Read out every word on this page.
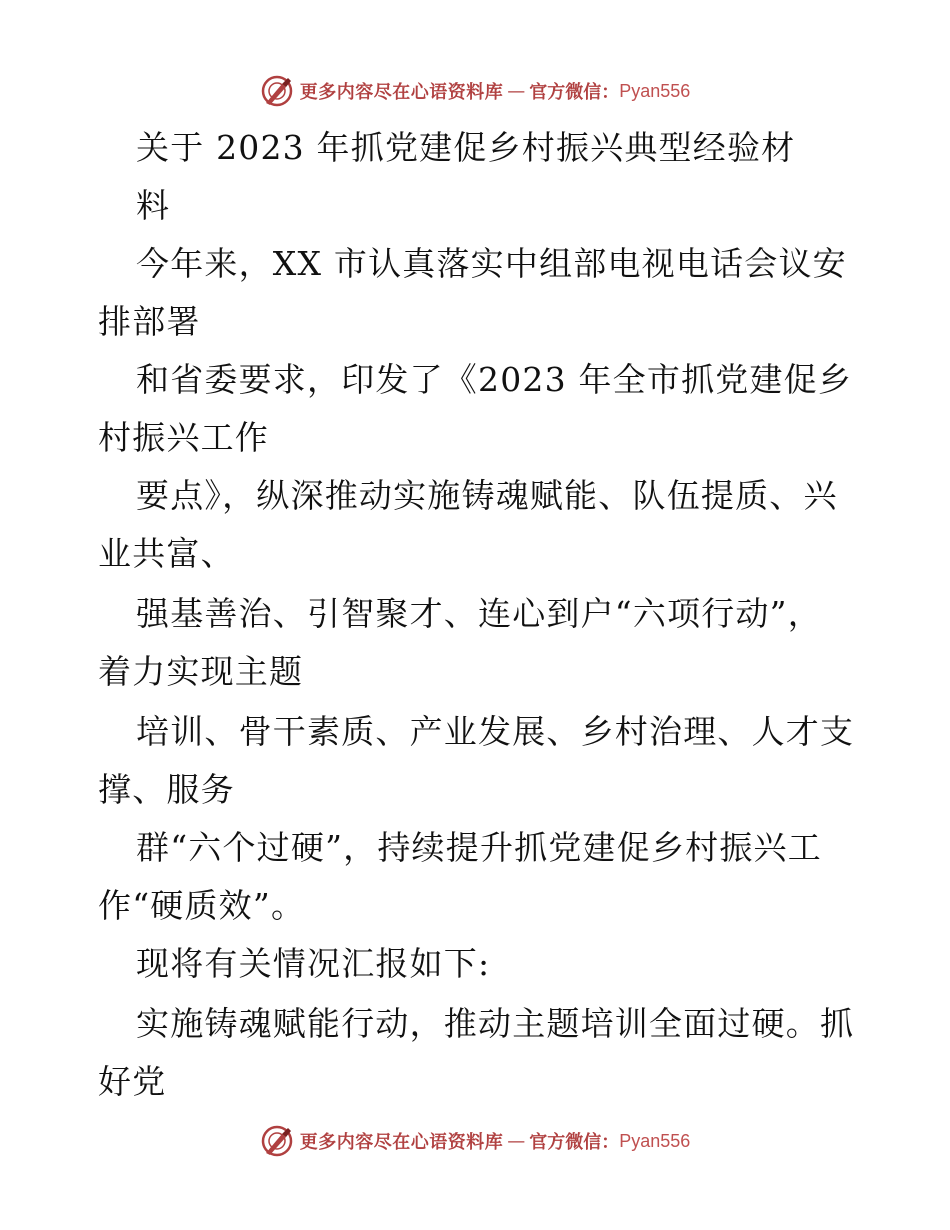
更多内容尽在心语资料库 — 官方微信： Pyan556
关于 2023 年抓党建促乡村振兴典型经验材
料
今年来，XX 市认真落实中组部电视电话会议安
排部署
和省委要求，印发了《2023 年全市抓党建促乡
村振兴工作
要点》，纵深推动实施铸魂赋能、队伍提质、兴
业共富、
强基善治、引智聚才、连心到户“六项行动”，
着力实现主题
培训、骨干素质、产业发展、乡村治理、人才支
撑、服务
群“六个过硬”，持续提升抓党建促乡村振兴工
作“硬质效”。
现将有关情况汇报如下:
实施铸魂赋能行动，推动主题培训全面过硬。抓
好党
更多内容尽在心语资料库 — 官方微信： Pyan556
